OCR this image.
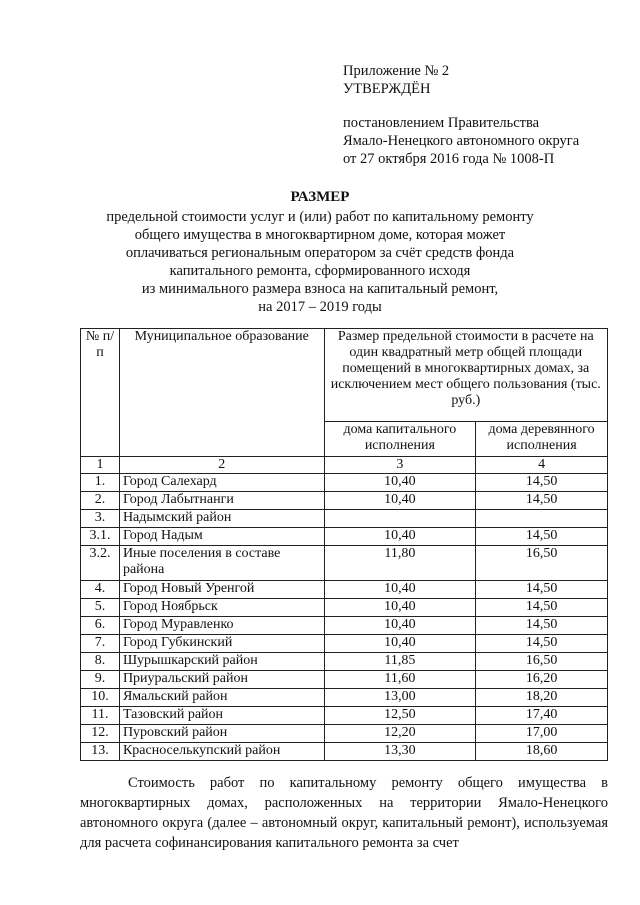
Приложение № 2
УТВЕРЖДЁН
постановлением Правительства
Ямало-Ненецкого автономного округа
от 27 октября 2016 года № 1008-П
РАЗМЕР
предельной стоимости услуг и (или) работ по капитальному ремонту
общего имущества в многоквартирном доме, которая может
оплачиваться региональным оператором за счёт средств фонда
капитального ремонта, сформированного исходя
из минимального размера взноса на капитальный ремонт,
на 2017 – 2019 годы
№ п/п	Муниципальное образование	Размер предельной стоимости в расчете на один квадратный метр общей площади помещений в многоквартирных домах, за исключением мест общего пользования (тыс. руб.)	
		дома капитального исполнения	дома деревянного исполнения
1	2	3	4
1.	Город Салехард	10,40	14,50
2.	Город Лабытнанги	10,40	14,50
3.	Надымский район		
3.1.	Город Надым	10,40	14,50
3.2.	Иные поселения в составе района	11,80	16,50
4.	Город Новый Уренгой	10,40	14,50
5.	Город Ноябрьск	10,40	14,50
6.	Город Муравленко	10,40	14,50
7.	Город Губкинский	10,40	14,50
8.	Шурышкарский район	11,85	16,50
9.	Приуральский район	11,60	16,20
10.	Ямальский район	13,00	18,20
11.	Тазовский район	12,50	17,40
12.	Пуровский район	12,20	17,00
13.	Красноселькупский район	13,30	18,60

Стоимость работ по капитальному ремонту общего имущества в многоквартирных домах, расположенных на территории Ямало-Ненецкого автономного округа (далее – автономный округ, капитальный ремонт), используемая для расчета софинансирования капитального ремонта за счет
